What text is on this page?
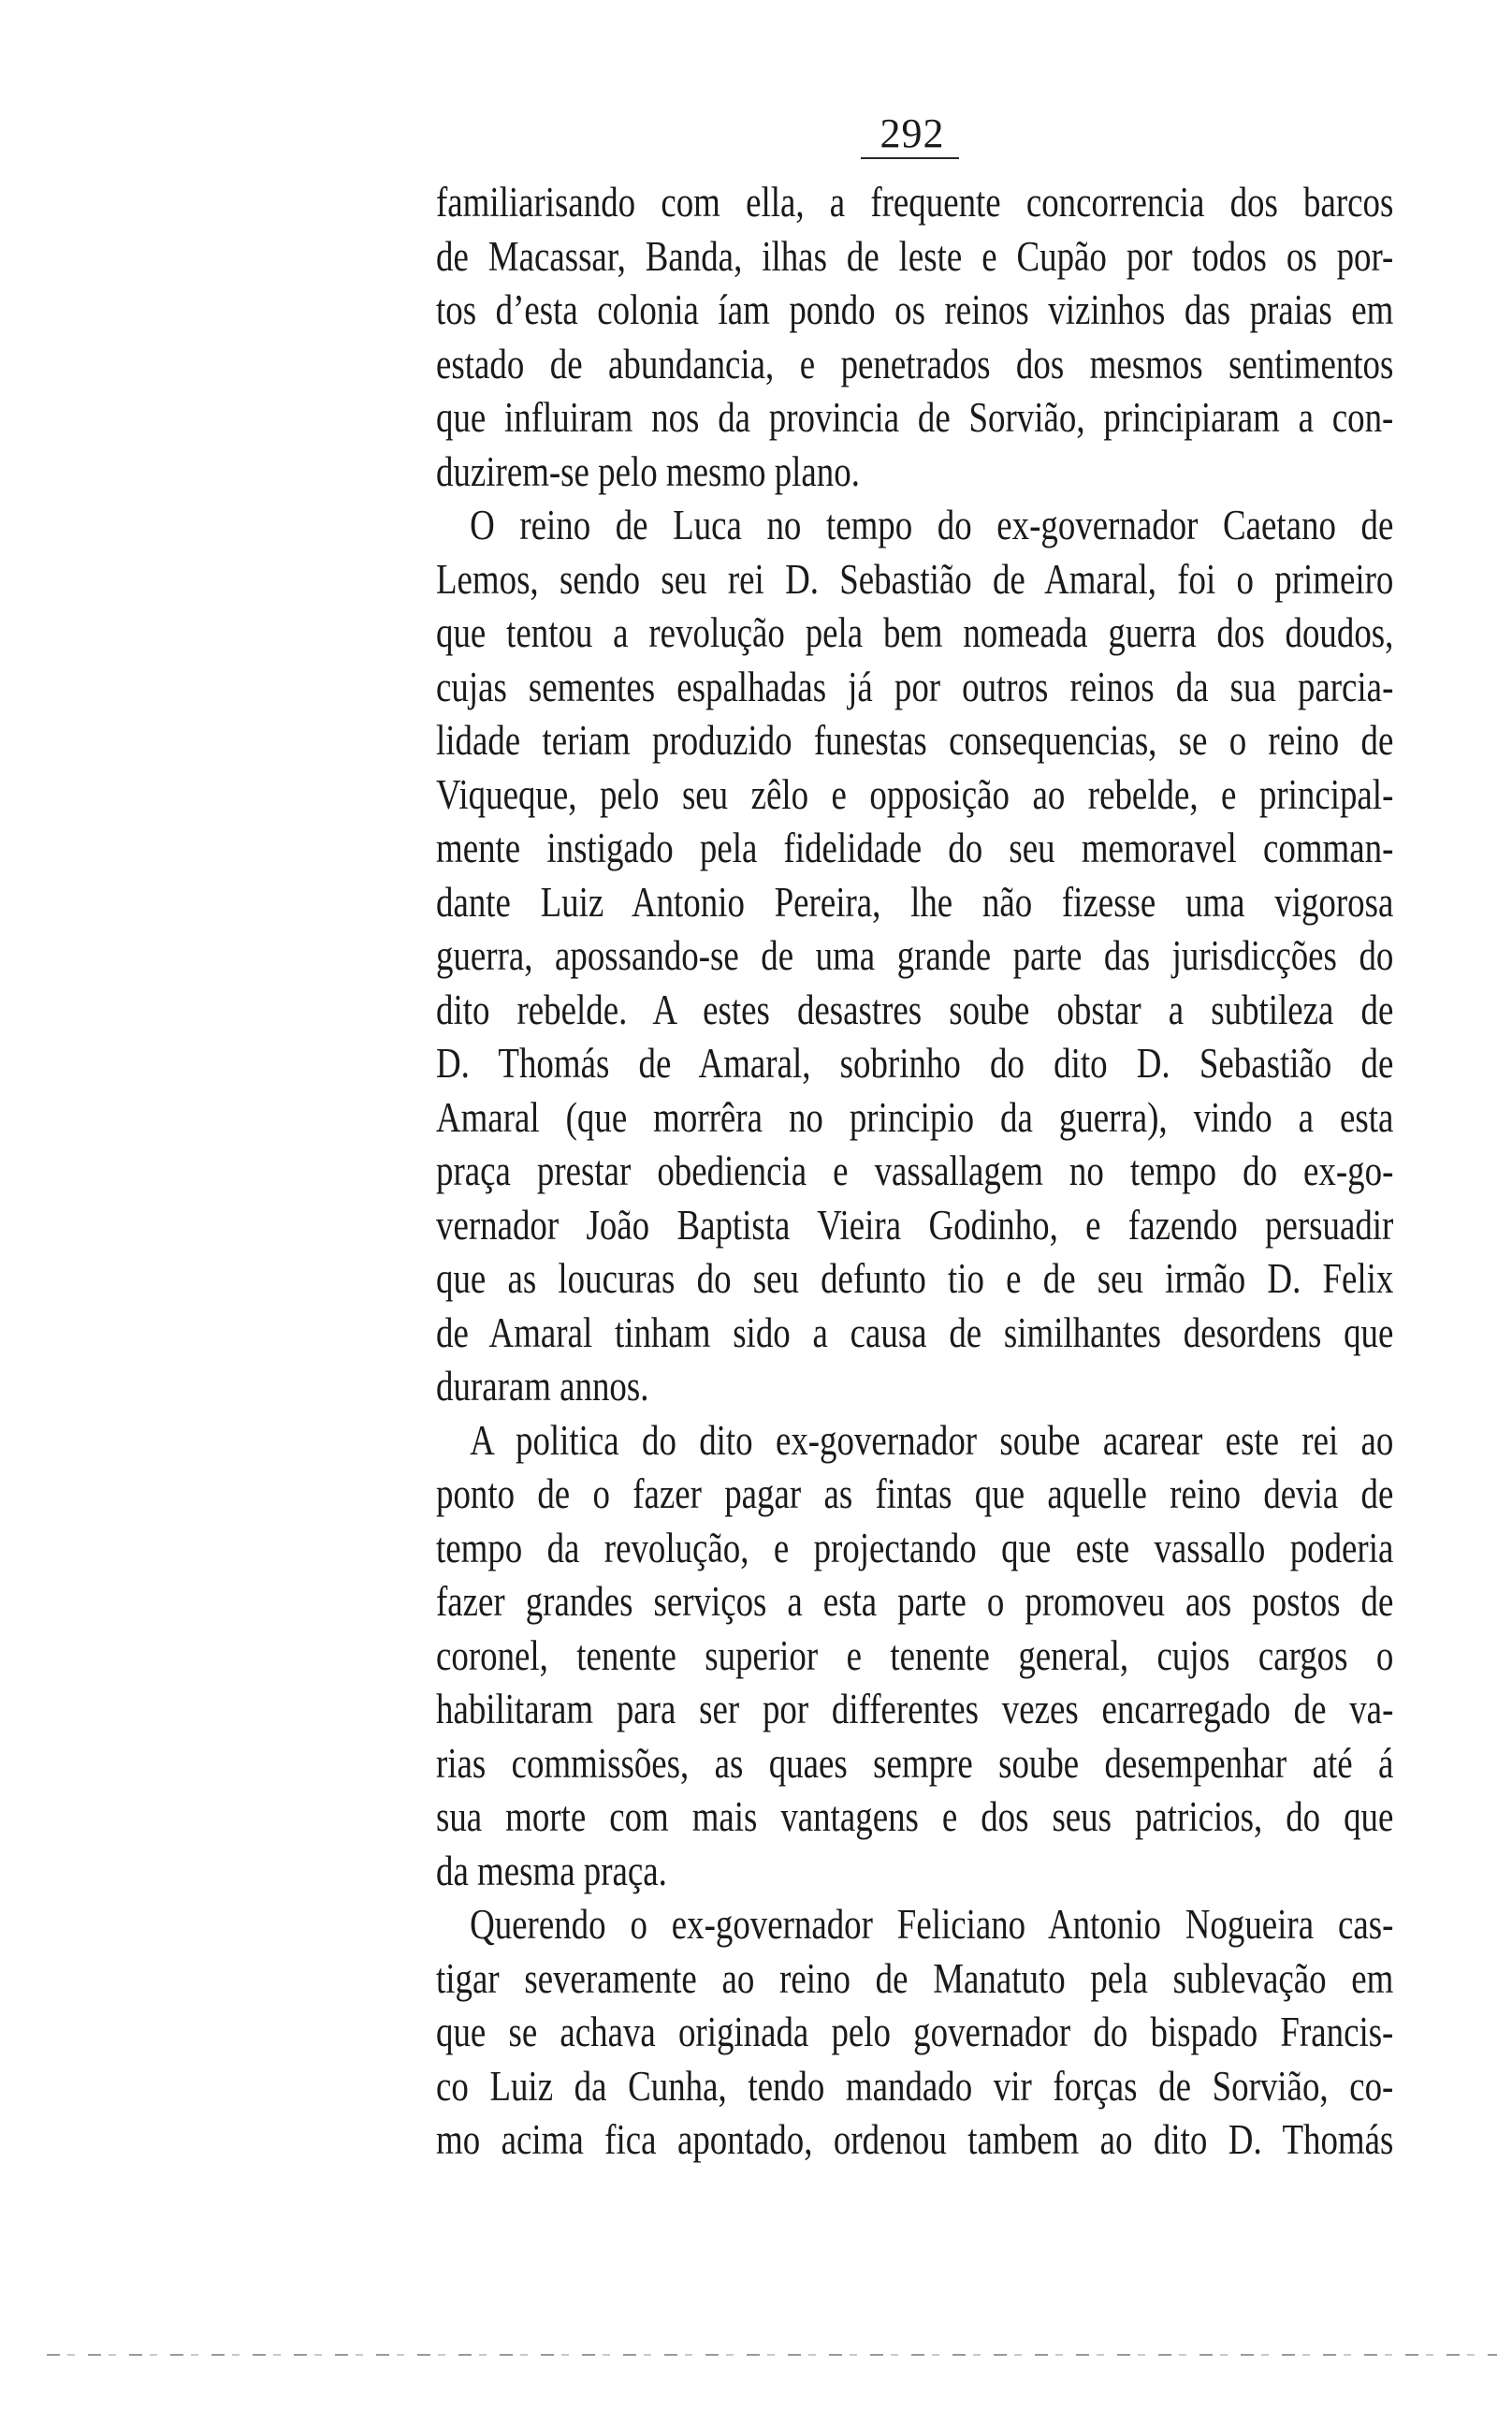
292
familiarisando com ella, a frequente concorrencia dos barcos
de Macassar, Banda, ilhas de leste e Cupão por todos os por-
tos d’esta colonia íam pondo os reinos vizinhos das praias em
estado de abundancia, e penetrados dos mesmos sentimentos
que influiram nos da provincia de Sorvião, principiaram a con-
duzirem-se pelo mesmo plano.
O reino de Luca no tempo do ex-governador Caetano de
Lemos, sendo seu rei D. Sebastião de Amaral, foi o primeiro
que tentou a revolução pela bem nomeada guerra dos doudos,
cujas sementes espalhadas já por outros reinos da sua parcia-
lidade teriam produzido funestas consequencias, se o reino de
Viqueque, pelo seu zêlo e opposição ao rebelde, e principal-
mente instigado pela fidelidade do seu memoravel comman-
dante Luiz Antonio Pereira, lhe não fizesse uma vigorosa
guerra, apossando-se de uma grande parte das jurisdicções do
dito rebelde. A estes desastres soube obstar a subtileza de
D. Thomás de Amaral, sobrinho do dito D. Sebastião de
Amaral (que morrêra no principio da guerra), vindo a esta
praça prestar obediencia e vassallagem no tempo do ex-go-
vernador João Baptista Vieira Godinho, e fazendo persuadir
que as loucuras do seu defunto tio e de seu irmão D. Felix
de Amaral tinham sido a causa de similhantes desordens que
duraram annos.
A politica do dito ex-governador soube acarear este rei ao
ponto de o fazer pagar as fintas que aquelle reino devia de
tempo da revolução, e projectando que este vassallo poderia
fazer grandes serviços a esta parte o promoveu aos postos de
coronel, tenente superior e tenente general, cujos cargos o
habilitaram para ser por differentes vezes encarregado de va-
rias commissões, as quaes sempre soube desempenhar até á
sua morte com mais vantagens e dos seus patricios, do que
da mesma praça.
Querendo o ex-governador Feliciano Antonio Nogueira cas-
tigar severamente ao reino de Manatuto pela sublevação em
que se achava originada pelo governador do bispado Francis-
co Luiz da Cunha, tendo mandado vir forças de Sorvião, co-
mo acima fica apontado, ordenou tambem ao dito D. Thomás
